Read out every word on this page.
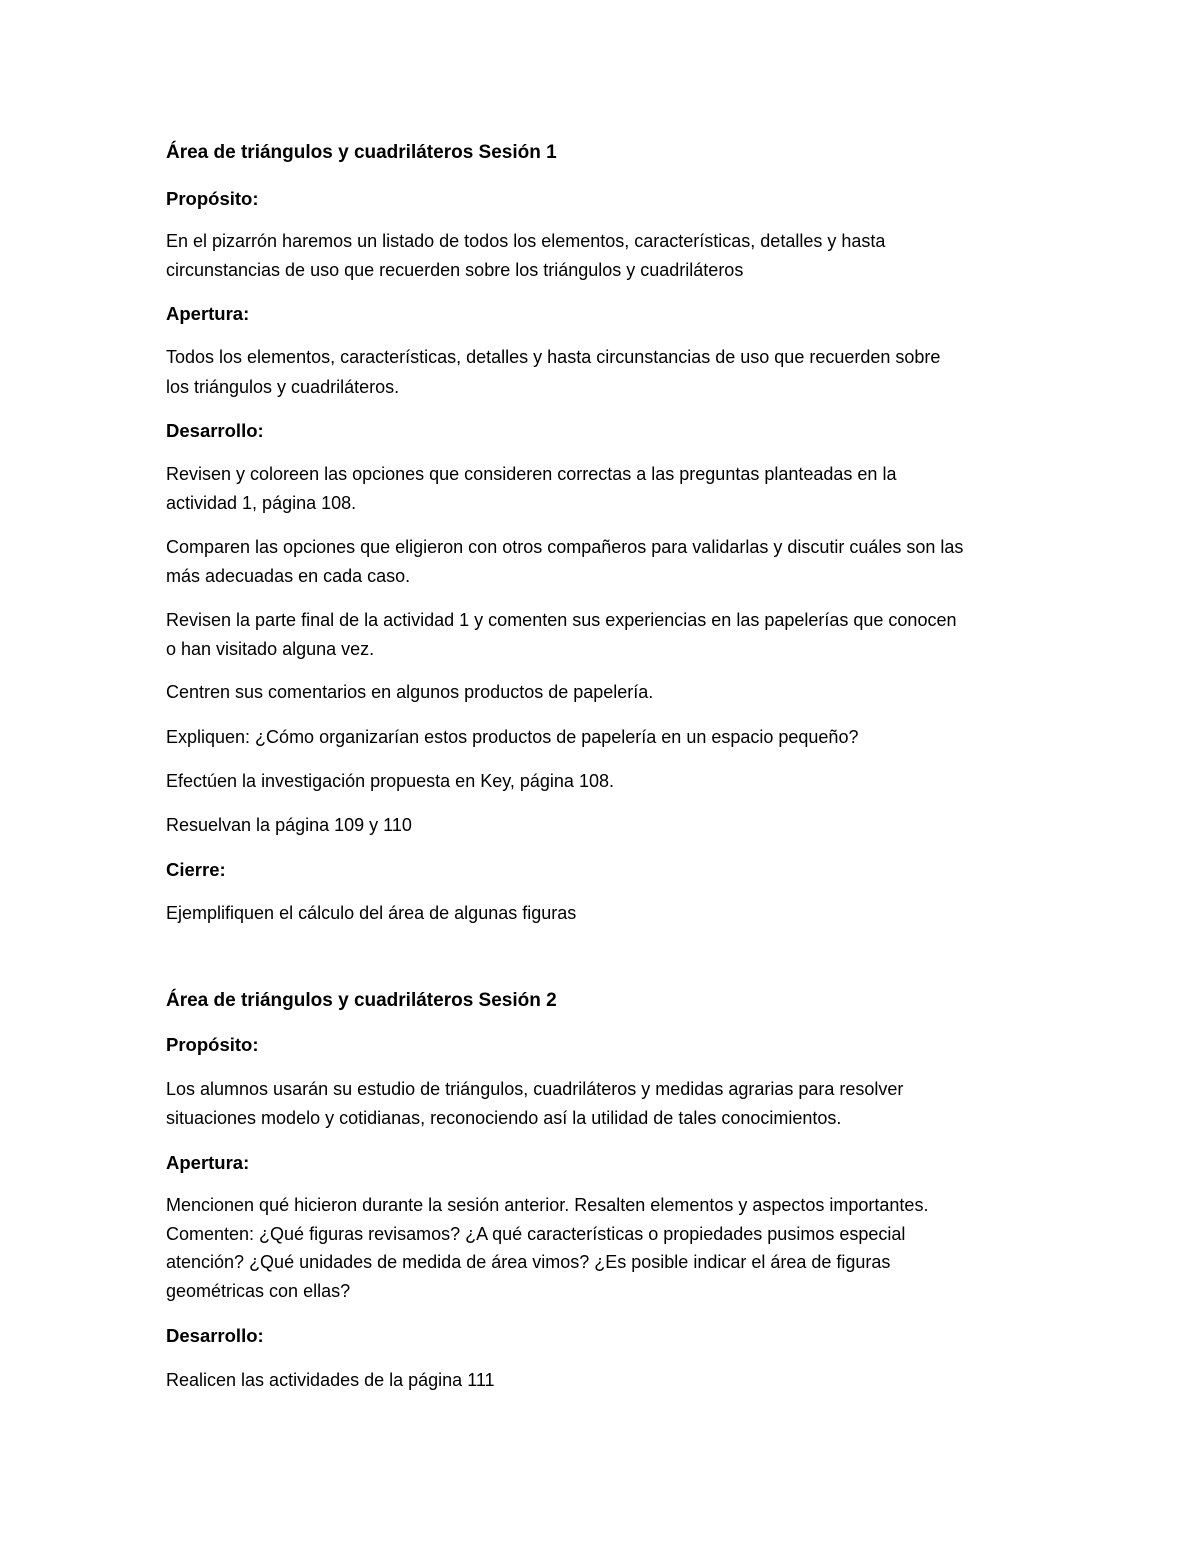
Área de triángulos y cuadriláteros Sesión 1
Propósito:
En el pizarrón haremos un listado de todos los elementos, características, detalles y hasta
circunstancias de uso que recuerden sobre los triángulos y cuadriláteros
Apertura:
Todos los elementos, características, detalles y hasta circunstancias de uso que recuerden sobre
los triángulos y cuadriláteros.
Desarrollo:
Revisen y coloreen las opciones que consideren correctas a las preguntas planteadas en la
actividad 1, página 108.
Comparen las opciones que eligieron con otros compañeros para validarlas y discutir cuáles son las
más adecuadas en cada caso.
Revisen la parte final de la actividad 1 y comenten sus experiencias en las papelerías que conocen
o han visitado alguna vez.
Centren sus comentarios en algunos productos de papelería.
Expliquen: ¿Cómo organizarían estos productos de papelería en un espacio pequeño?
Efectúen la investigación propuesta en Key, página 108.
Resuelvan la página 109 y 110
Cierre:
Ejemplifiquen el cálculo del área de algunas figuras
Área de triángulos y cuadriláteros Sesión 2
Propósito:
Los alumnos usarán su estudio de triángulos, cuadriláteros y medidas agrarias para resolver
situaciones modelo y cotidianas, reconociendo así la utilidad de tales conocimientos.
Apertura:
Mencionen qué hicieron durante la sesión anterior. Resalten elementos y aspectos importantes.
Comenten: ¿Qué figuras revisamos? ¿A qué características o propiedades pusimos especial
atención? ¿Qué unidades de medida de área vimos? ¿Es posible indicar el área de figuras
geométricas con ellas?
Desarrollo:
Realicen las actividades de la página 111
